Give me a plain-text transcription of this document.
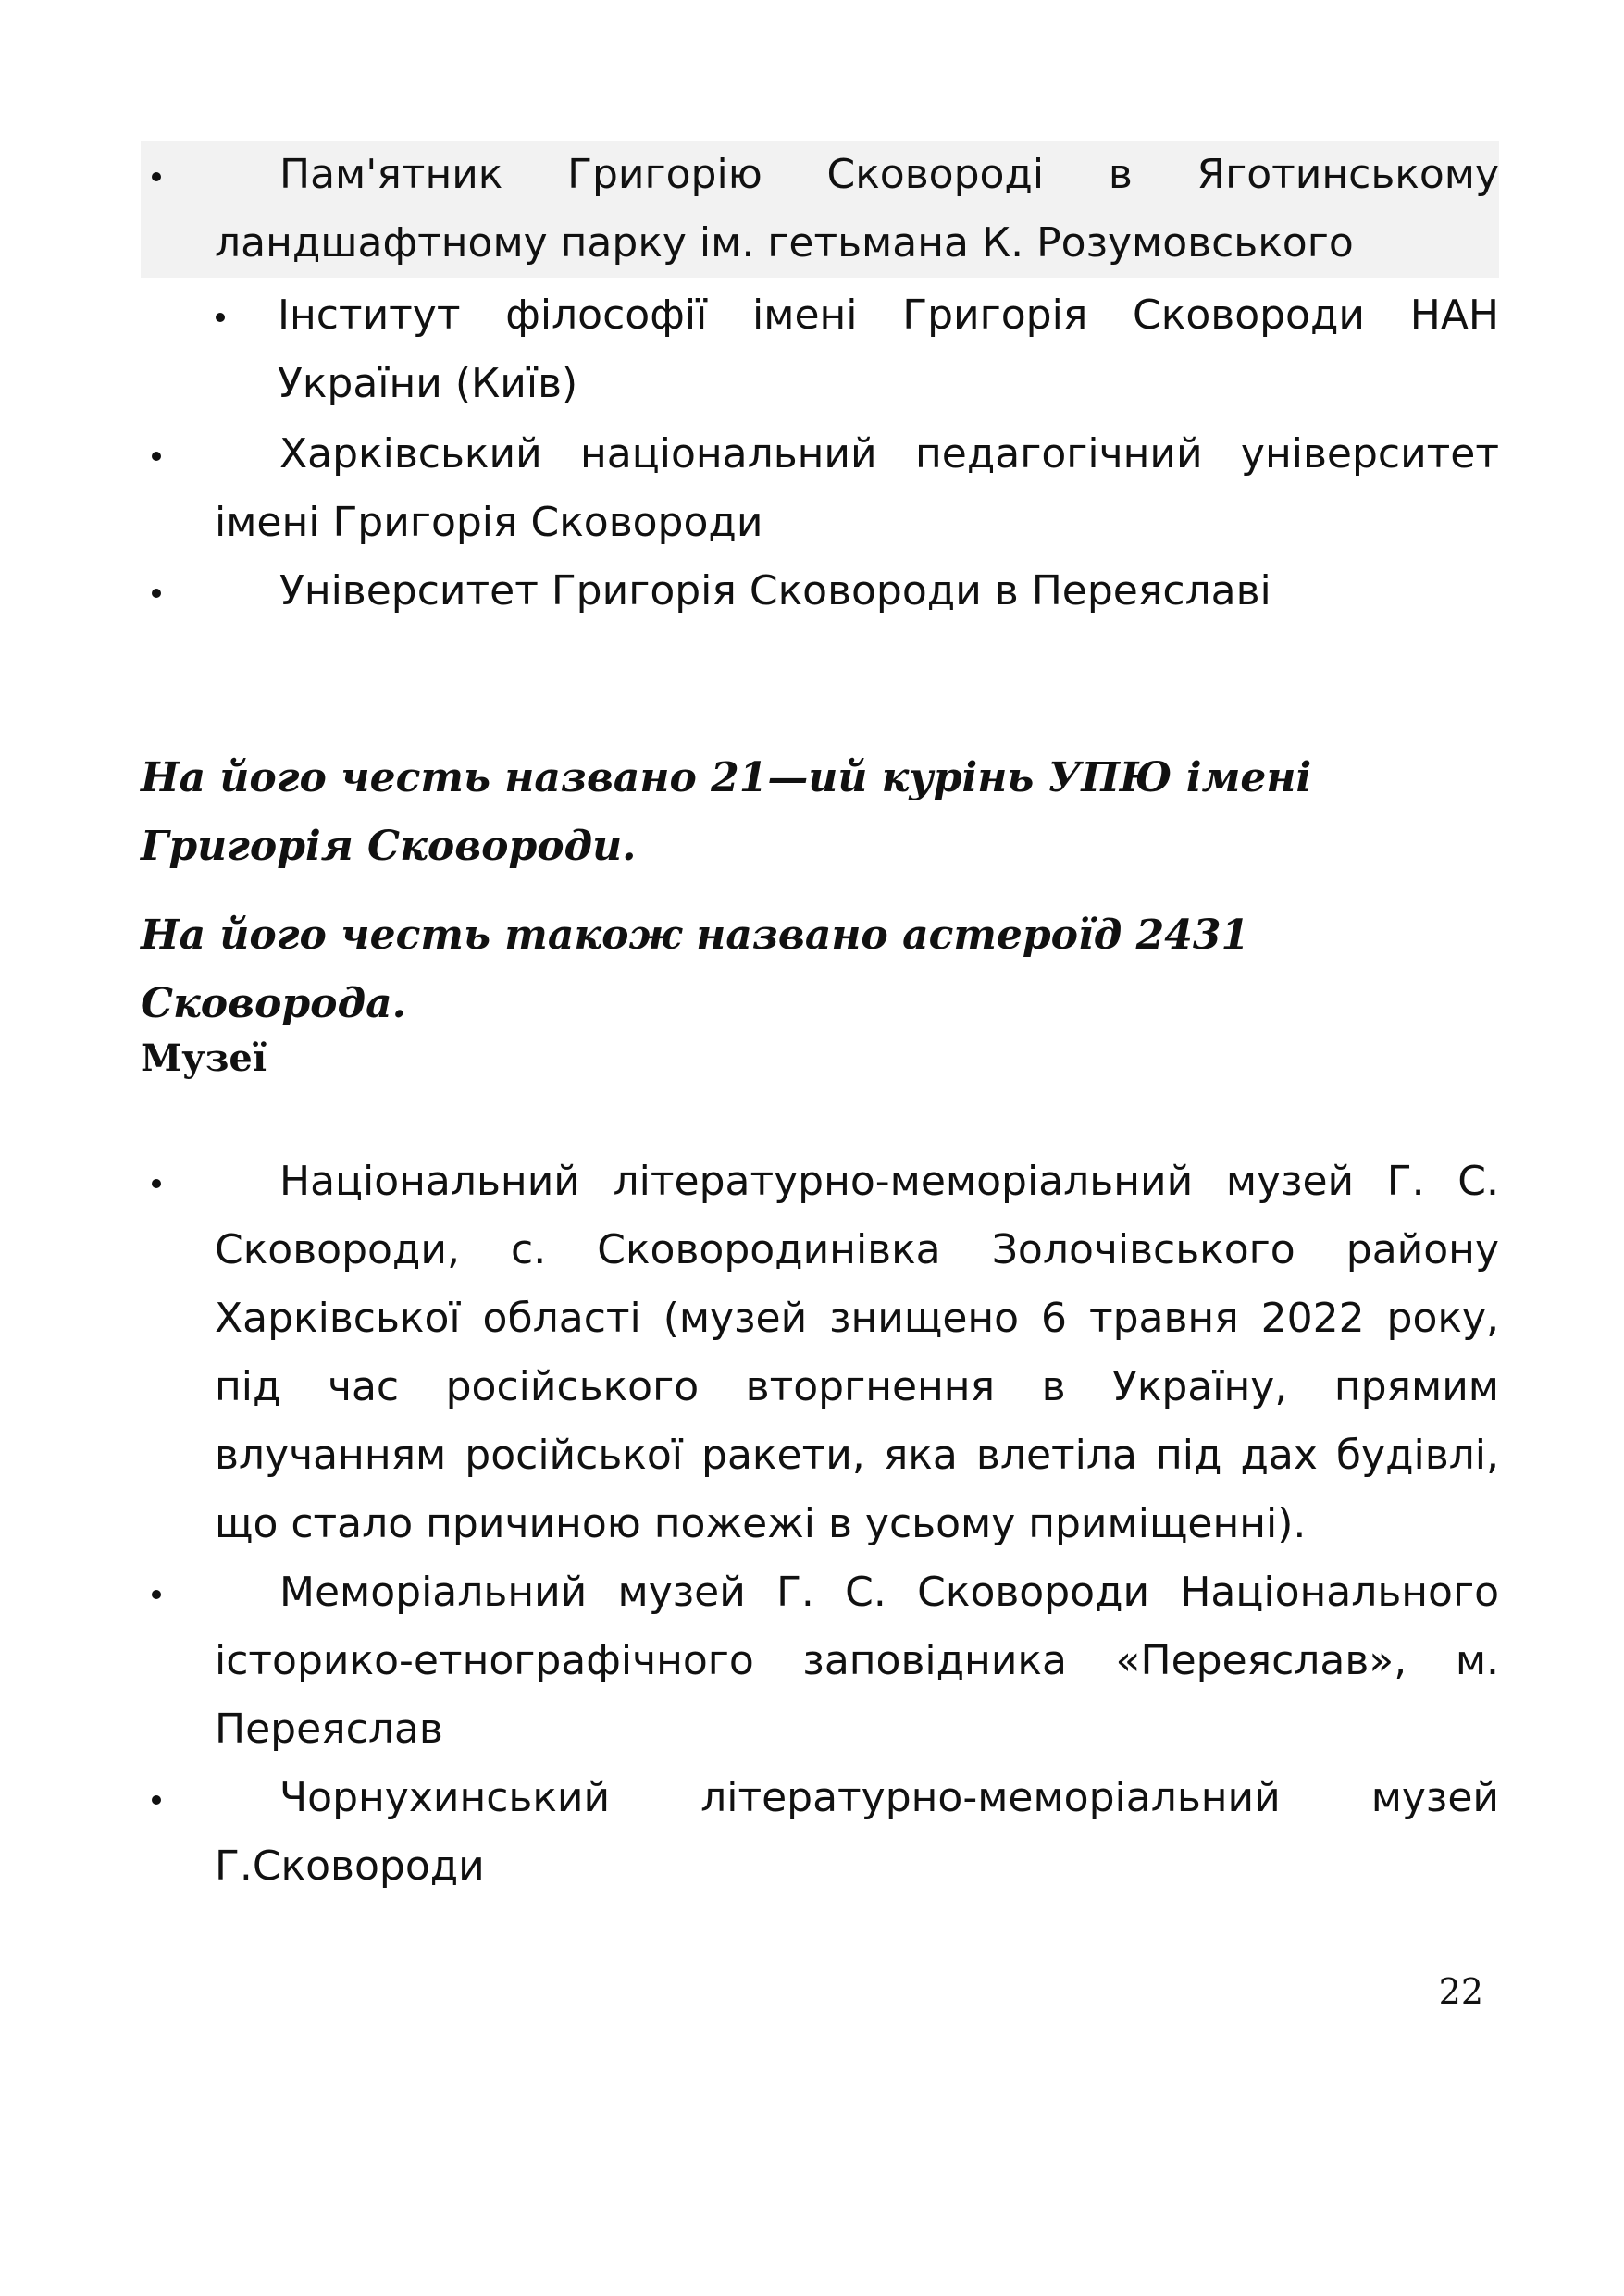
Пам'ятник Григорію Сковороді в Яготинському ландшафтному парку ім. гетьмана К. Розумовського
Інститут філософії імені Григорія Сковороди НАН України (Київ)
Харківський національний педагогічний університет імені Григорія Сковороди
Університет Григорія Сковороди в Переяславі

На його честь названо 21—ий курінь УПЮ імені Григорія Сковороди.

На його честь також названо астероїд 2431 Сковорода.

Музеї
Національний літературно-меморіальний музей Г. С. Сковороди, с. Сковородинівка Золочівського району Харківської області (музей знищено 6 травня 2022 року, під час російського вторгнення в Україну, прямим влучанням російської ракети, яка влетіла під дах будівлі, що стало причиною пожежі в усьому приміщенні).
Меморіальний музей Г. С. Сковороди Національного історико-етнографічного заповідника «Переяслав», м. Переяслав
Чорнухинський літературно-меморіальний музей Г.Сковороди
22
